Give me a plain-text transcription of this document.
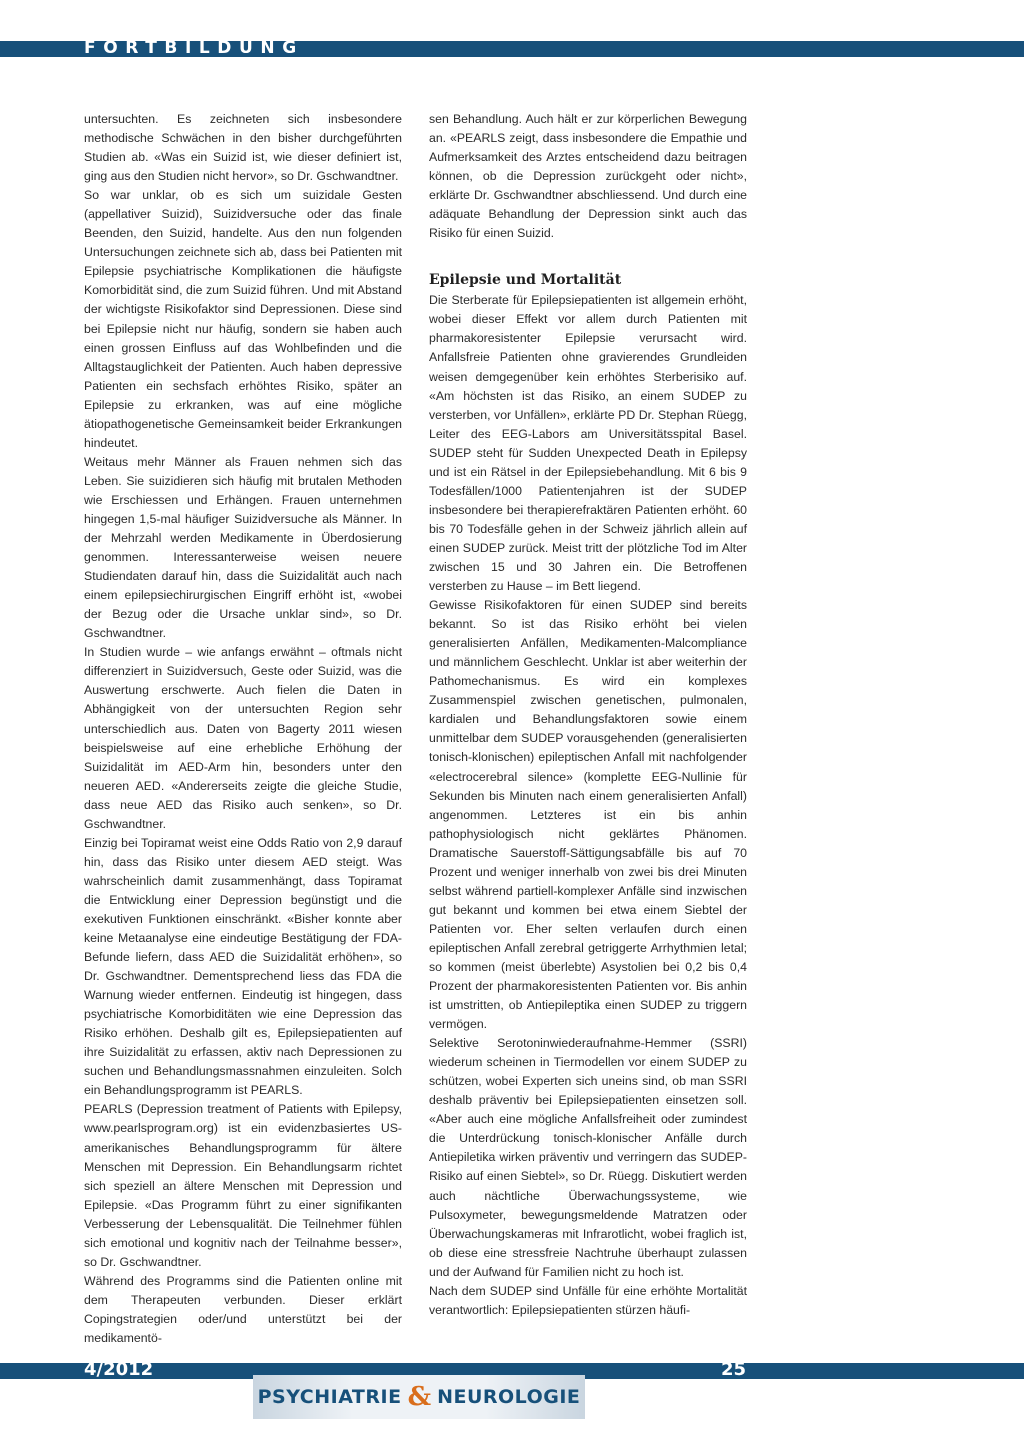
FORTBILDUNG

untersuchten. Es zeichneten sich insbesondere methodische Schwächen in den bisher durchgeführten Studien ab. «Was ein Suizid ist, wie dieser definiert ist, ging aus den Studien nicht hervor», so Dr. Gschwandtner.

So war unklar, ob es sich um suizidale Gesten (appellativer Suizid), Suizidversuche oder das finale Beenden, den Suizid, handelte. Aus den nun folgenden Untersuchungen zeichnete sich ab, dass bei Patienten mit Epilepsie psychiatrische Komplikationen die häufigste Komorbidität sind, die zum Suizid führen. Und mit Abstand der wichtigste Risikofaktor sind Depressionen. Diese sind bei Epilepsie nicht nur häufig, sondern sie haben auch einen grossen Einfluss auf das Wohlbefinden und die Alltagstauglichkeit der Patienten. Auch haben depressive Patienten ein sechsfach erhöhtes Risiko, später an Epilepsie zu erkranken, was auf eine mögliche ätiopathogenetische Gemeinsamkeit beider Erkrankungen hindeutet.

Weitaus mehr Männer als Frauen nehmen sich das Leben. Sie suizidieren sich häufig mit brutalen Methoden wie Erschiessen und Erhängen. Frauen unternehmen hingegen 1,5-mal häufiger Suizidversuche als Männer. In der Mehrzahl werden Medikamente in Überdosierung genommen. Interessanterweise weisen neuere Studiendaten darauf hin, dass die Suizidalität auch nach einem epilepsiechirurgischen Eingriff erhöht ist, «wobei der Bezug oder die Ursache unklar sind», so Dr. Gschwandtner.

In Studien wurde – wie anfangs erwähnt – oftmals nicht differenziert in Suizidversuch, Geste oder Suizid, was die Auswertung erschwerte. Auch fielen die Daten in Abhängigkeit von der untersuchten Region sehr unterschiedlich aus. Daten von Bagerty 2011 wiesen beispielsweise auf eine erhebliche Erhöhung der Suizidalität im AED-Arm hin, besonders unter den neueren AED. «Andererseits zeigte die gleiche Studie, dass neue AED das Risiko auch senken», so Dr. Gschwandtner.

Einzig bei Topiramat weist eine Odds Ratio von 2,9 darauf hin, dass das Risiko unter diesem AED steigt. Was wahrscheinlich damit zusammenhängt, dass Topiramat die Entwicklung einer Depression begünstigt und die exekutiven Funktionen einschränkt. «Bisher konnte aber keine Metaanalyse eine eindeutige Bestätigung der FDA-Befunde liefern, dass AED die Suizidalität erhöhen», so Dr. Gschwandtner. Dementsprechend liess das FDA die Warnung wieder entfernen. Eindeutig ist hingegen, dass psychiatrische Komorbiditäten wie eine Depression das Risiko erhöhen. Deshalb gilt es, Epilepsiepatienten auf ihre Suizidalität zu erfassen, aktiv nach Depressionen zu suchen und Behandlungsmassnahmen einzuleiten. Solch ein Behandlungsprogramm ist PEARLS.

PEARLS (Depression treatment of Patients with Epilepsy, www.pearlsprogram.org) ist ein evidenzbasiertes US-amerikanisches Behandlungsprogramm für ältere Menschen mit Depression. Ein Behandlungsarm richtet sich speziell an ältere Menschen mit Depression und Epilepsie. «Das Programm führt zu einer signifikanten Verbesserung der Lebensqualität. Die Teilnehmer fühlen sich emotional und kognitiv nach der Teilnahme besser», so Dr. Gschwandtner.

Während des Programms sind die Patienten online mit dem Therapeuten verbunden. Dieser erklärt Copingstrategien oder/und unterstützt bei der medikamentö-

sen Behandlung. Auch hält er zur körperlichen Bewegung an. «PEARLS zeigt, dass insbesondere die Empathie und Aufmerksamkeit des Arztes entscheidend dazu beitragen können, ob die Depression zurückgeht oder nicht», erklärte Dr. Gschwandtner abschliessend. Und durch eine adäquate Behandlung der Depression sinkt auch das Risiko für einen Suizid.

Epilepsie und Mortalität

Die Sterberate für Epilepsiepatienten ist allgemein erhöht, wobei dieser Effekt vor allem durch Patienten mit pharmakoresistenter Epilepsie verursacht wird. Anfallsfreie Patienten ohne gravierendes Grundleiden weisen demgegenüber kein erhöhtes Sterberisiko auf. «Am höchsten ist das Risiko, an einem SUDEP zu versterben, vor Unfällen», erklärte PD Dr. Stephan Rüegg, Leiter des EEG-Labors am Universitätsspital Basel. SUDEP steht für Sudden Unexpected Death in Epilepsy und ist ein Rätsel in der Epilepsiebehandlung. Mit 6 bis 9 Todesfällen/1000 Patientenjahren ist der SUDEP insbesondere bei therapierefraktären Patienten erhöht. 60 bis 70 Todesfälle gehen in der Schweiz jährlich allein auf einen SUDEP zurück. Meist tritt der plötzliche Tod im Alter zwischen 15 und 30 Jahren ein. Die Betroffenen versterben zu Hause – im Bett liegend.

Gewisse Risikofaktoren für einen SUDEP sind bereits bekannt. So ist das Risiko erhöht bei vielen generalisierten Anfällen, Medikamenten-Malcompliance und männlichem Geschlecht. Unklar ist aber weiterhin der Pathomechanismus. Es wird ein komplexes Zusammenspiel zwischen genetischen, pulmonalen, kardialen und Behandlungsfaktoren sowie einem unmittelbar dem SUDEP vorausgehenden (generalisierten tonisch-klonischen) epileptischen Anfall mit nachfolgender «electrocerebral silence» (komplette EEG-Nullinie für Sekunden bis Minuten nach einem generalisierten Anfall) angenommen. Letzteres ist ein bis anhin pathophysiologisch nicht geklärtes Phänomen. Dramatische Sauerstoff-Sättigungsabfälle bis auf 70 Prozent und weniger innerhalb von zwei bis drei Minuten selbst während partiell-komplexer Anfälle sind inzwischen gut bekannt und kommen bei etwa einem Siebtel der Patienten vor. Eher selten verlaufen durch einen epileptischen Anfall zerebral getriggerte Arrhythmien letal; so kommen (meist überlebte) Asystolien bei 0,2 bis 0,4 Prozent der pharmakoresistenten Patienten vor. Bis anhin ist umstritten, ob Antiepileptika einen SUDEP zu triggern vermögen.

Selektive Serotoninwiederaufnahme-Hemmer (SSRI) wiederum scheinen in Tiermodellen vor einem SUDEP zu schützen, wobei Experten sich uneins sind, ob man SSRI deshalb präventiv bei Epilepsiepatienten einsetzen soll. «Aber auch eine mögliche Anfallsfreiheit oder zumindest die Unterdrückung tonisch-klonischer Anfälle durch Antiepiletika wirken präventiv und verringern das SUDEP-Risiko auf einen Siebtel», so Dr. Rüegg. Diskutiert werden auch nächtliche Überwachungssysteme, wie Pulsoxymeter, bewegungsmeldende Matratzen oder Überwachungskameras mit Infrarotlicht, wobei fraglich ist, ob diese eine stressfreie Nachtruhe überhaupt zulassen und der Aufwand für Familien nicht zu hoch ist.

Nach dem SUDEP sind Unfälle für eine erhöhte Mortalität verantwortlich: Epilepsiepatienten stürzen häufi-

4/2012	25
PSYCHIATRIE & NEUROLOGIE
